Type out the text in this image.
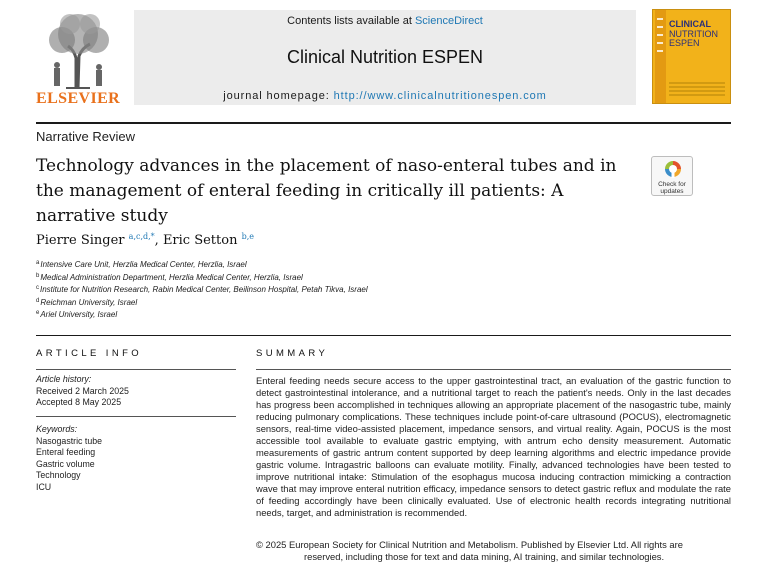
ELSEVIER
Contents lists available at ScienceDirect
Clinical Nutrition ESPEN
journal homepage: http://www.clinicalnutritionespen.com
CLINICAL
NUTRITION
ESPEN
Narrative Review
Technology advances in the placement of naso-enteral tubes and in the management of enteral feeding in critically ill patients: A narrative study
Check for
updates
Pierre Singer $^{a,c,d,*}$, Eric Setton $^{b,e}$
$^a$Intensive Care Unit, Herzlia Medical Center, Herzlia, Israel
$^b$Medical Administration Department, Herzlia Medical Center, Herzlia, Israel
$^c$Institute for Nutrition Research, Rabin Medical Center, Beilinson Hospital, Petah Tikva, Israel
$^d$Reichman University, Israel
$^e$Ariel University, Israel
ARTICLE INFO
Article history:
Received 2 March 2025
Accepted 8 May 2025
Keywords:
Nasogastric tube
Enteral feeding
Gastric volume
Technology
ICU
SUMMARY
Enteral feeding needs secure access to the upper gastrointestinal tract, an evaluation of the gastric function to detect gastrointestinal intolerance, and a nutritional target to reach the patient's needs. Only in the last decades has progress been accomplished in techniques allowing an appropriate placement of the nasogastric tube, mainly reducing pulmonary complications. These techniques include point-of-care ultrasound (POCUS), electromagnetic sensors, real-time video-assisted placement, impedance sensors, and virtual reality. Again, POCUS is the most accessible tool available to evaluate gastric emptying, with antrum echo density measurement. Automatic measurements of gastric antrum content supported by deep learning algorithms and electric impedance provide gastric volume. Intragastric balloons can evaluate motility. Finally, advanced technologies have been tested to improve nutritional intake: Stimulation of the esophagus mucosa inducing contraction mimicking a contraction wave that may improve enteral nutrition efficacy, impedance sensors to detect gastric reflux and modulate the rate of feeding accordingly have been clinically evaluated. Use of electronic health records integrating nutritional needs, target, and administration is recommended.
© 2025 European Society for Clinical Nutrition and Metabolism. Published by Elsevier Ltd. All rights are
reserved, including those for text and data mining, AI training, and similar technologies.
